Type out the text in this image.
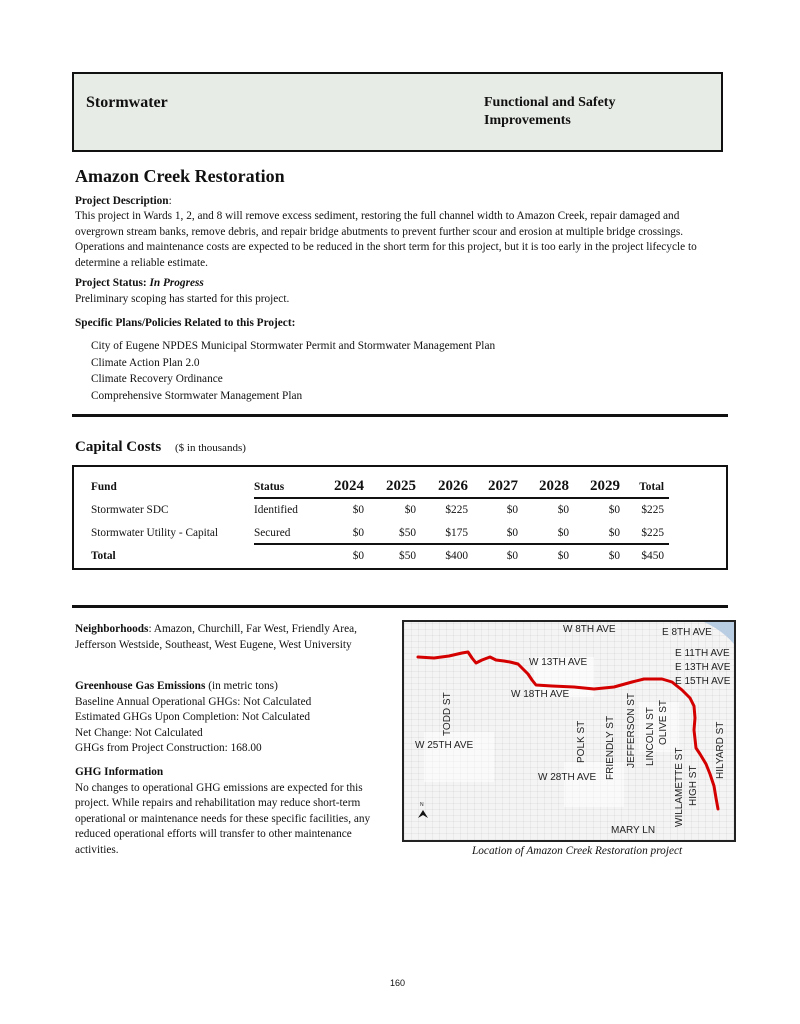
Stormwater	Functional and Safety Improvements
Amazon Creek Restoration
Project Description:
This project in Wards 1, 2, and 8 will remove excess sediment, restoring the full channel width to Amazon Creek, repair damaged and overgrown stream banks, remove debris, and repair bridge abutments to prevent further scour and erosion at multiple bridge crossings. Operations and maintenance costs are expected to be reduced in the short term for this project, but it is too early in the project lifecycle to determine a reliable estimate.
Project Status: In Progress
Preliminary scoping has started for this project.
Specific Plans/Policies Related to this Project:
City of Eugene NPDES Municipal Stormwater Permit and Stormwater Management Plan
Climate Action Plan 2.0
Climate Recovery Ordinance
Comprehensive Stormwater Management Plan
Capital Costs ($ in thousands)
Fund	Status	2024	2025	2026	2027	2028	2029	Total
Stormwater SDC	Identified	$0	$0	$225	$0	$0	$0	$225
Stormwater Utility - Capital	Secured	$0	$50	$175	$0	$0	$0	$225
Total		$0	$50	$400	$0	$0	$0	$450
Neighborhoods: Amazon, Churchill, Far West, Friendly Area, Jefferson Westside, Southeast, West Eugene, West University
Greenhouse Gas Emissions (in metric tons)
Baseline Annual Operational GHGs: Not Calculated
Estimated GHGs Upon Completion: Not Calculated
Net Change: Not Calculated
GHGs from Project Construction: 168.00
GHG Information
No changes to operational GHG emissions are expected for this project. While repairs and rehabilitation may reduce short-term operational or maintenance needs for these specific facilities, any reduced operational efforts will transfer to other maintenance activities.
N
W 8TH AVE	E 8TH AVE
E 11TH AVE
W 13TH AVE	E 13TH AVE
E 15TH AVE
W 18TH AVE
W 25TH AVE
W 28TH AVE
MARY LN
TODD ST
POLK ST FRIENDLY ST JEFFERSON ST LINCOLN ST OLIVE ST
WILLAMETTE ST HIGH ST
HILYARD ST
Location of Amazon Creek Restoration project
160
